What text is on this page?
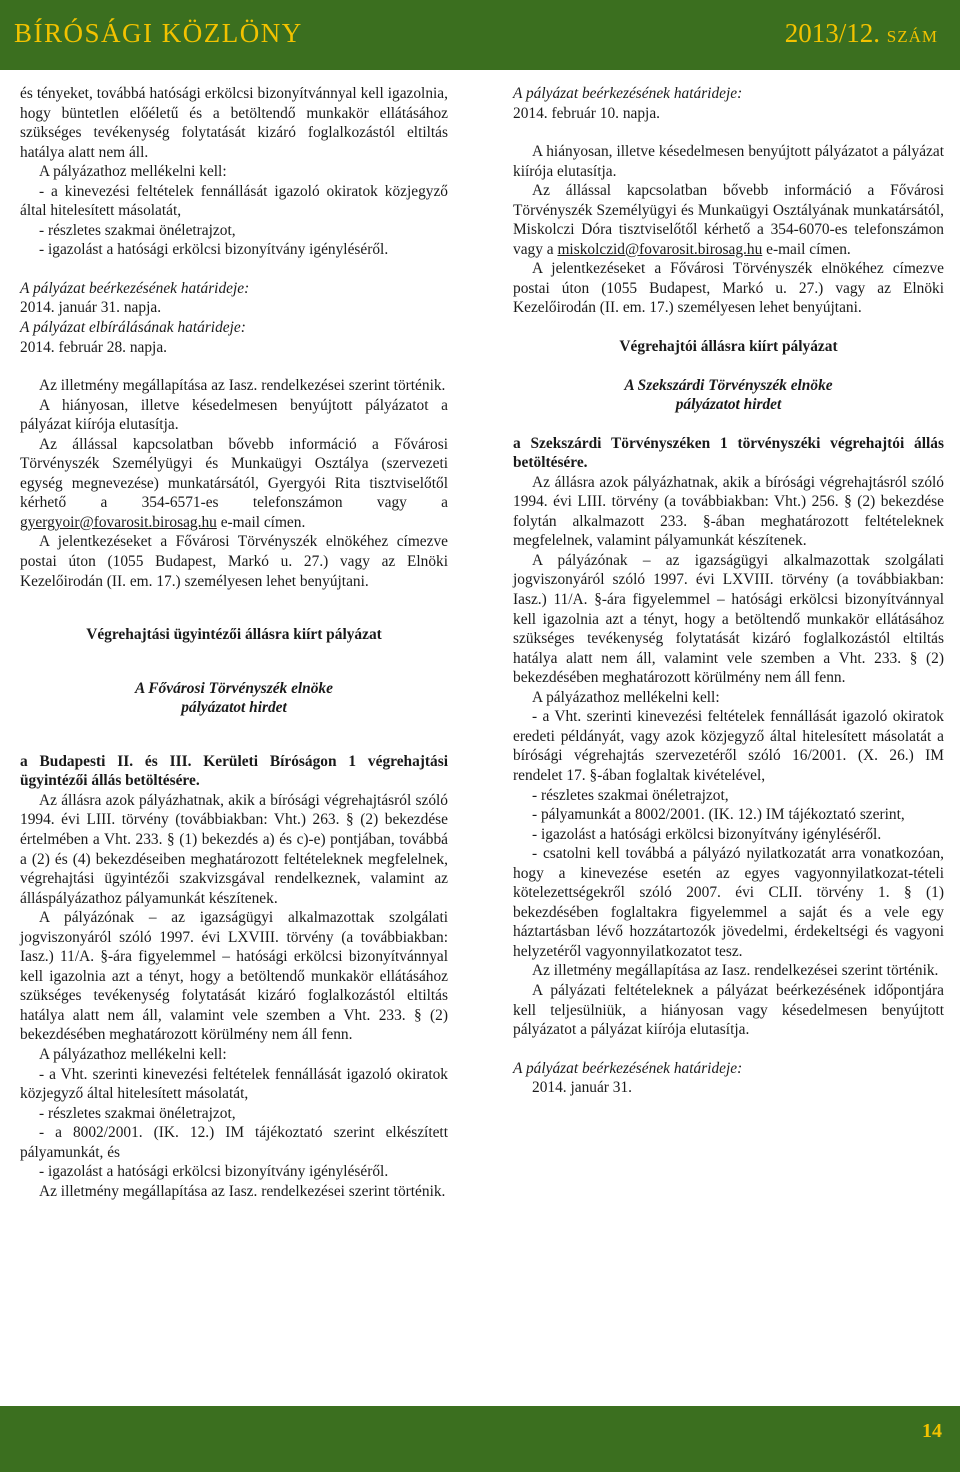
BÍRÓSÁGI KÖZLÖNY	2013/12. SZÁM

és tényeket, továbbá hatósági erkölcsi bizonyítvánnyal kell igazolnia, hogy büntetlen előéletű és a betöltendő munkakör ellátásához szükséges tevékenység folytatását kizáró foglalkozástól eltiltás hatálya alatt nem áll.

A pályázathoz mellékelni kell:

- a kinevezési feltételek fennállását igazoló okiratok közjegyző által hitelesített másolatát,

- részletes szakmai önéletrajzot,

- igazolást a hatósági erkölcsi bizonyítvány igényléséről.

A pályázat beérkezésének határideje:

2014. január 31. napja.

A pályázat elbírálásának határideje:

2014. február 28. napja.

Az illetmény megállapítása az Iasz. rendelkezései szerint történik.

A hiányosan, illetve késedelmesen benyújtott pályázatot a pályázat kiírója elutasítja.

Az állással kapcsolatban bővebb információ a Fővárosi Törvényszék Személyügyi és Munkaügyi Osztálya (szervezeti egység megnevezése) munkatársától, Gyergyói Rita tisztviselőtől kérhető a 354-6571-es telefonszámon vagy a gyergyoir@fovarosit.birosag.hu e-mail címen.

A jelentkezéseket a Fővárosi Törvényszék elnökéhez címezve postai úton (1055 Budapest, Markó u. 27.) vagy az Elnöki Kezelőirodán (II. em. 17.) személyesen lehet benyújtani.

Végrehajtási ügyintézői állásra kiírt pályázat

A Fővárosi Törvényszék elnöke

pályázatot hirdet

a Budapesti II. és III. Kerületi Bíróságon 1 végrehajtási ügyintézői állás betöltésére.

Az állásra azok pályázhatnak, akik a bírósági végrehajtásról szóló 1994. évi LIII. törvény (továbbiakban: Vht.) 263. § (2) bekezdése értelmében a Vht. 233. § (1) bekezdés a) és c)-e) pontjában, továbbá a (2) és (4) bekezdéseiben meghatározott feltételeknek megfelelnek, végrehajtási ügyintézői szakvizsgával rendelkeznek, valamint az álláspályázathoz pályamunkát készítenek.

A pályázónak – az igazságügyi alkalmazottak szolgálati jogviszonyáról szóló 1997. évi LXVIII. törvény (a továbbiakban: Iasz.) 11/A. §-ára figyelemmel – hatósági erkölcsi bizonyítvánnyal kell igazolnia azt a tényt, hogy a betöltendő munkakör ellátásához szükséges tevékenység folytatását kizáró foglalkozástól eltiltás hatálya alatt nem áll, valamint vele szemben a Vht. 233. § (2) bekezdésében meghatározott körülmény nem áll fenn.

A pályázathoz mellékelni kell:

- a Vht. szerinti kinevezési feltételek fennállását igazoló okiratok közjegyző által hitelesített másolatát,

- részletes szakmai önéletrajzot,

- a 8002/2001. (IK. 12.) IM tájékoztató szerint elkészített pályamunkát, és

- igazolást a hatósági erkölcsi bizonyítvány igényléséről.

Az illetmény megállapítása az Iasz. rendelkezései szerint történik.

A pályázat beérkezésének határideje:

2014. február 10. napja.

A hiányosan, illetve késedelmesen benyújtott pályázatot a pályázat kiírója elutasítja.

Az állással kapcsolatban bővebb információ a Fővárosi Törvényszék Személyügyi és Munkaügyi Osztályának munkatársától, Miskolczi Dóra tisztviselőtől kérhető a 354-6070-es telefonszámon vagy a miskolczid@fovarosit.birosag.hu e-mail címen.

A jelentkezéseket a Fővárosi Törvényszék elnökéhez címezve postai úton (1055 Budapest, Markó u. 27.) vagy az Elnöki Kezelőirodán (II. em. 17.) személyesen lehet benyújtani.

Végrehajtói állásra kiírt pályázat

A Szekszárdi Törvényszék elnöke

pályázatot hirdet

a Szekszárdi Törvényszéken 1 törvényszéki végrehajtói állás betöltésére.

Az állásra azok pályázhatnak, akik a bírósági végrehajtásról szóló 1994. évi LIII. törvény (a továbbiakban: Vht.) 256. § (2) bekezdése folytán alkalmazott 233. §-ában meghatározott feltételeknek megfelelnek, valamint pályamunkát készítenek.

A pályázónak – az igazságügyi alkalmazottak szolgálati jogviszonyáról szóló 1997. évi LXVIII. törvény (a továbbiakban: Iasz.) 11/A. §-ára figyelemmel – hatósági erkölcsi bizonyítvánnyal kell igazolnia azt a tényt, hogy a betöltendő munkakör ellátásához szükséges tevékenység folytatását kizáró foglalkozástól eltiltás hatálya alatt nem áll, valamint vele szemben a Vht. 233. § (2) bekezdésében meghatározott körülmény nem áll fenn.

A pályázathoz mellékelni kell:

- a Vht. szerinti kinevezési feltételek fennállását igazoló okiratok eredeti példányát, vagy azok közjegyző által hitelesített másolatát a bírósági végrehajtás szervezetéről szóló 16/2001. (X. 26.) IM rendelet 17. §-ában foglaltak kivételével,

- részletes szakmai önéletrajzot,

- pályamunkát a 8002/2001. (IK. 12.) IM tájékoztató szerint,

- igazolást a hatósági erkölcsi bizonyítvány igényléséről.

- csatolni kell továbbá a pályázó nyilatkozatát arra vonatkozóan, hogy a kinevezése esetén az egyes vagyonnyilatkozat-tételi kötelezettségekről szóló 2007. évi CLII. törvény 1. § (1) bekezdésében foglaltakra figyelemmel a saját és a vele egy háztartásban lévő hozzátartozók jövedelmi, érdekeltségi és vagyoni helyzetéről vagyonnyilatkozatot tesz.

Az illetmény megállapítása az Iasz. rendelkezései szerint történik.

A pályázati feltételeknek a pályázat beérkezésének időpontjára kell teljesülniük, a hiányosan vagy késedelmesen benyújtott pályázatot a pályázat kiírója elutasítja.

A pályázat beérkezésének határideje:

2014. január 31.

14
